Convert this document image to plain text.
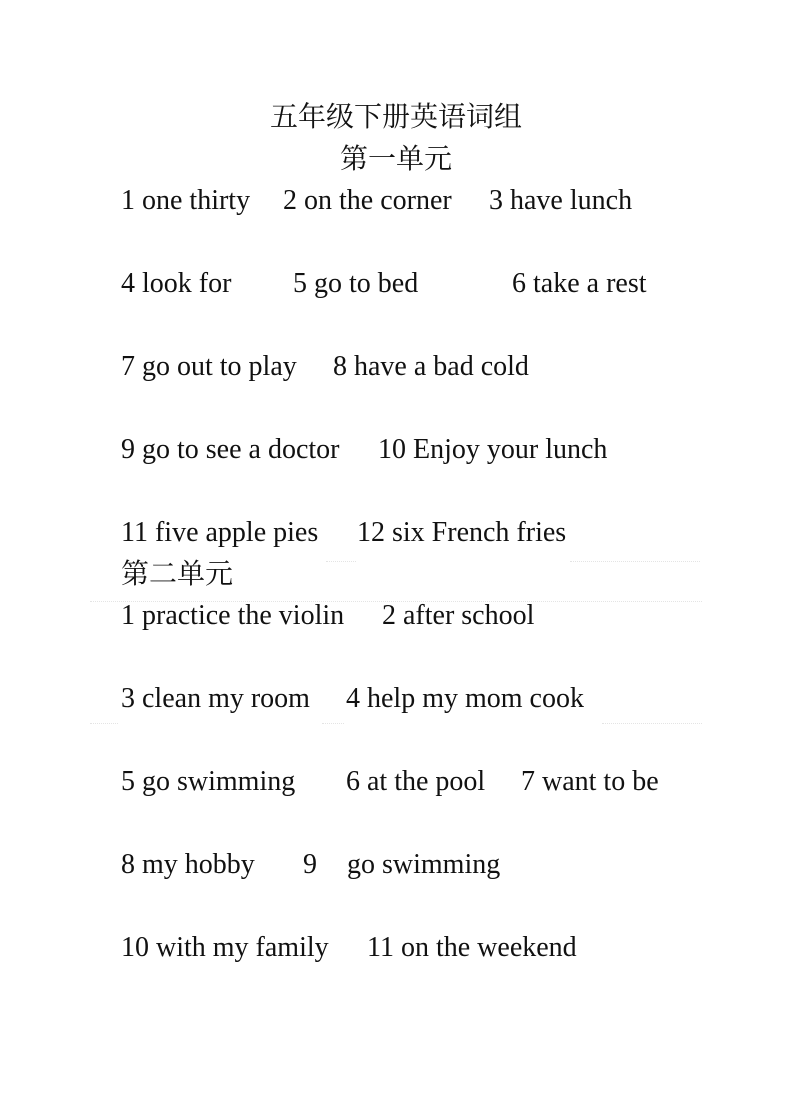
五年级下册英语词组
第一单元
1 one thirty 2 on the corner 3 have lunch
4 look for 5 go to bed	6 take a rest
7 go out to play 8 have a bad cold
9 go to see a doctor 10 Enjoy your lunch
11 five apple pies 12 six French fries
第二单元
1 practice the violin 2 after school
3 clean my room 4 help my mom cook
5 go swimming 6 at the pool 7 want to be
8 my hobby 9 go swimming
10 with my family 11 on the weekend
